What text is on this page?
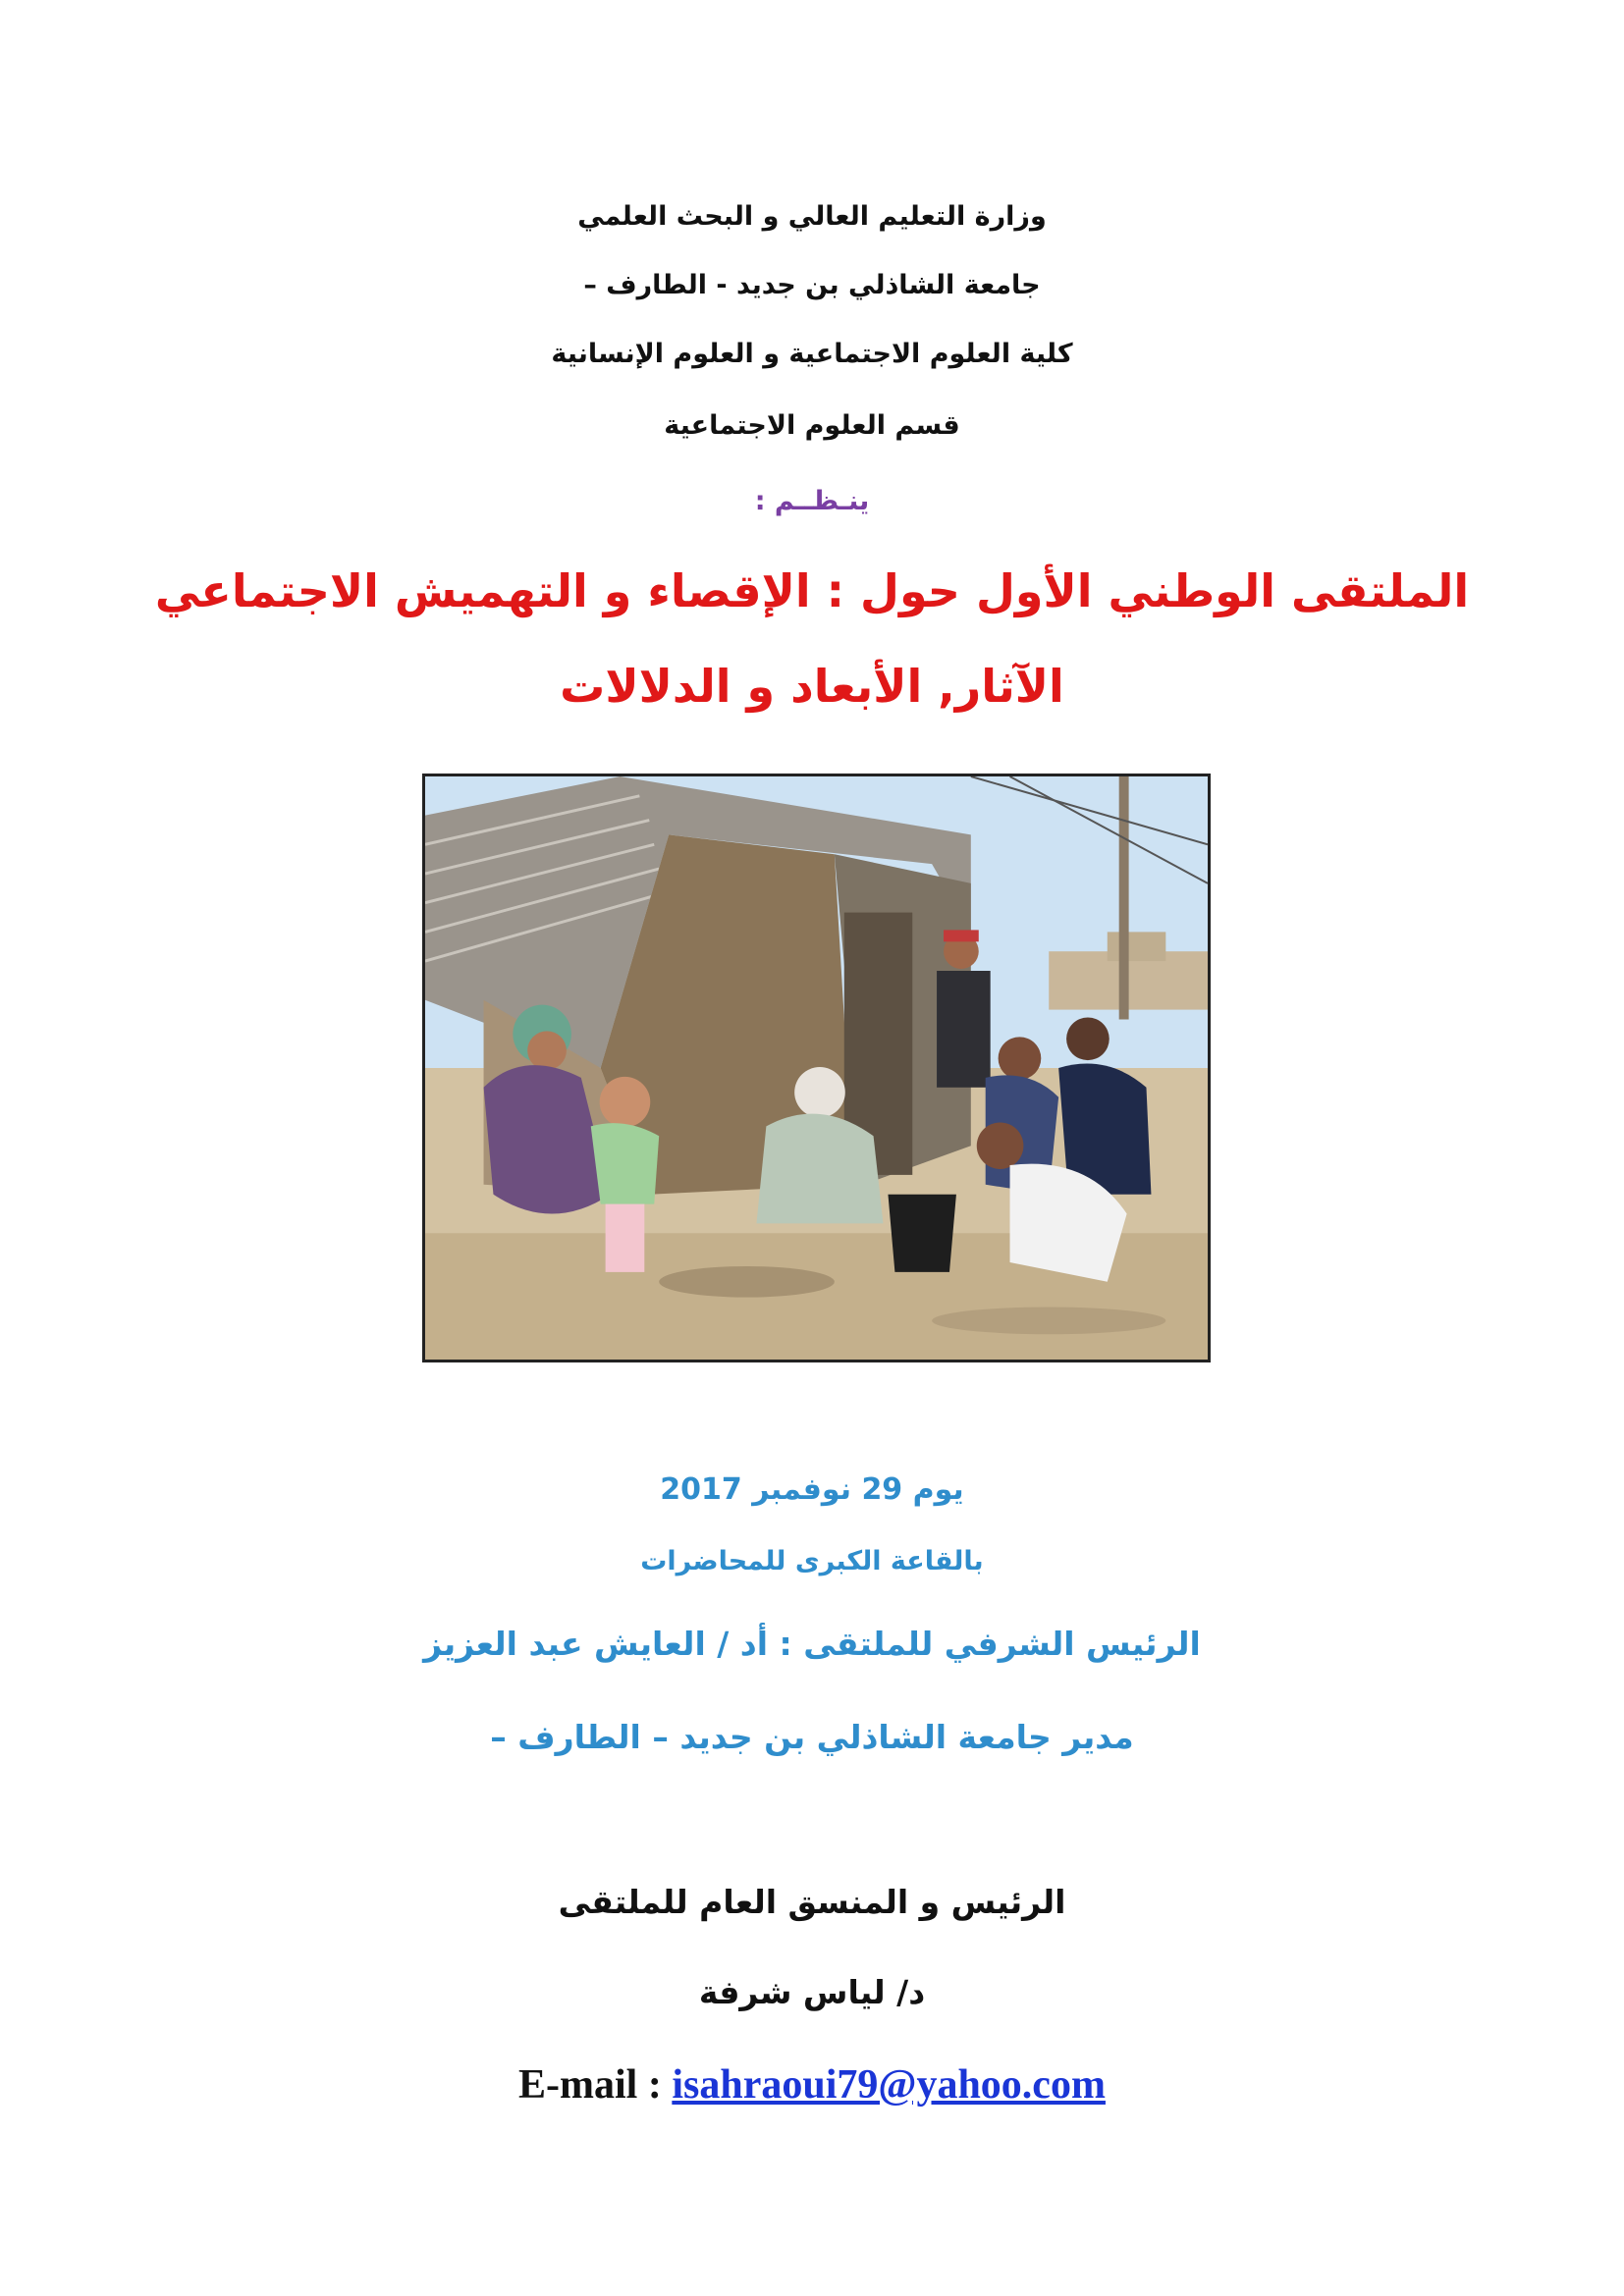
وزارة التعليم العالي و البحث العلمي
جامعة الشاذلي بن جديد - الطارف –
كلية العلوم الاجتماعية و العلوم الإنسانية
قسم العلوم الاجتماعية
ينـظــم :
الملتقى الوطني الأول حول : الإقصاء و التهميش الاجتماعي
الآثار, الأبعاد و الدلالات
يوم 29 نوفمبر 2017
بالقاعة الكبرى للمحاضرات
الرئيس الشرفي للملتقى : أد / العايش عبد العزيز
مدير جامعة الشاذلي بن جديد – الطارف –
الرئيس و المنسق العام للملتقى
د/ لياس شرفة
E-mail : isahraoui79@yahoo.com
